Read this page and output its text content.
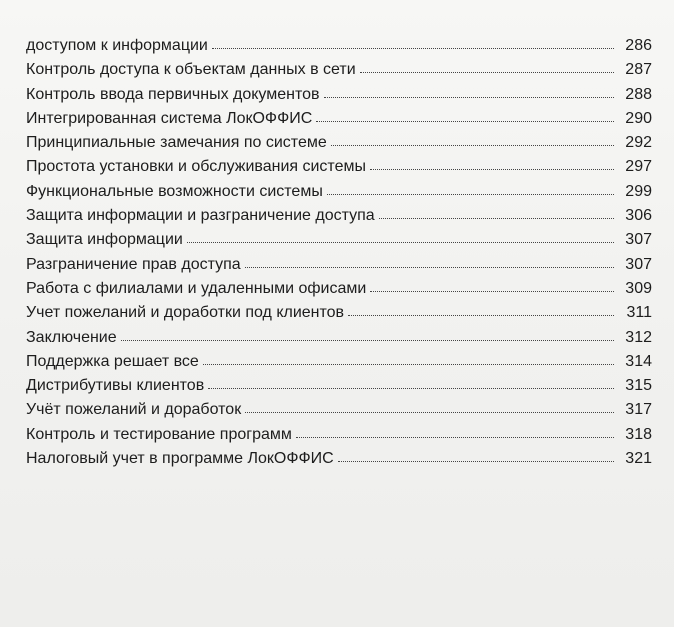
доступом к информации	286
Контроль доступа к объектам данных в сети	287
Контроль ввода первичных документов	288
Интегрированная система ЛокОФФИС	290
Принципиальные замечания по системе	292
Простота установки и обслуживания системы	297
Функциональные возможности системы	299
Защита информации и разграничение доступа	306
Защита информации	307
Разграничение прав доступа	307
Работа с филиалами и удаленными офисами	309
Учет пожеланий и доработки под клиентов	311
Заключение	312
Поддержка решает все	314
Дистрибутивы клиентов	315
Учёт пожеланий и доработок	317
Контроль и тестирование программ	318
Налоговый учет в программе ЛокОФФИС	321
